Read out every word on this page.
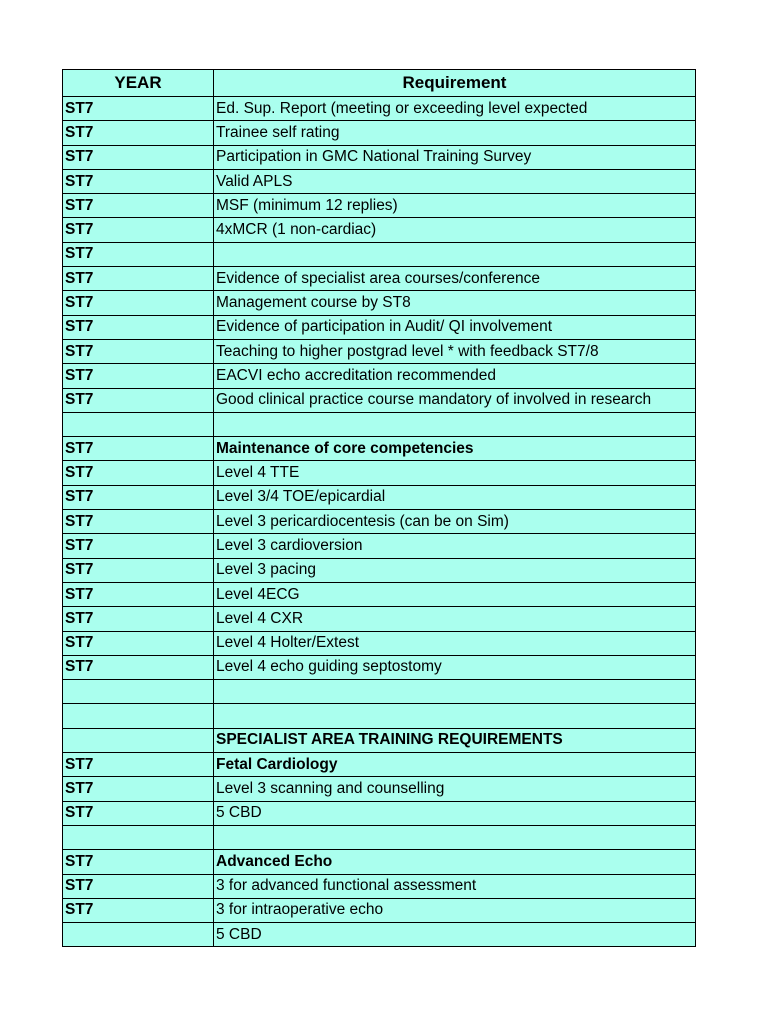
YEAR	Requirement
ST7	Ed. Sup. Report (meeting or exceeding level expected
ST7	Trainee self rating
ST7	Participation in GMC National Training Survey
ST7	Valid APLS
ST7	MSF (minimum 12 replies)
ST7	4xMCR (1 non-cardiac)
ST7	
ST7	Evidence of specialist area courses/conference
ST7	Management course by ST8
ST7	Evidence of participation in Audit/ QI involvement
ST7	Teaching to higher postgrad level * with feedback ST7/8
ST7	EACVI echo accreditation recommended
ST7	Good clinical practice course mandatory of involved in research

ST7	Maintenance of core competencies
ST7	Level 4 TTE
ST7	Level 3/4 TOE/epicardial
ST7	Level 3 pericardiocentesis (can be on Sim)
ST7	Level 3 cardioversion
ST7	Level 3 pacing
ST7	Level 4ECG
ST7	Level 4 CXR
ST7	Level 4 Holter/Extest
ST7	Level 4 echo guiding septostomy

	SPECIALIST AREA TRAINING REQUIREMENTS
ST7	Fetal Cardiology
ST7	Level 3 scanning and counselling
ST7	5 CBD

ST7	Advanced Echo
ST7	3 for advanced functional assessment
ST7	3 for intraoperative echo
	5 CBD
